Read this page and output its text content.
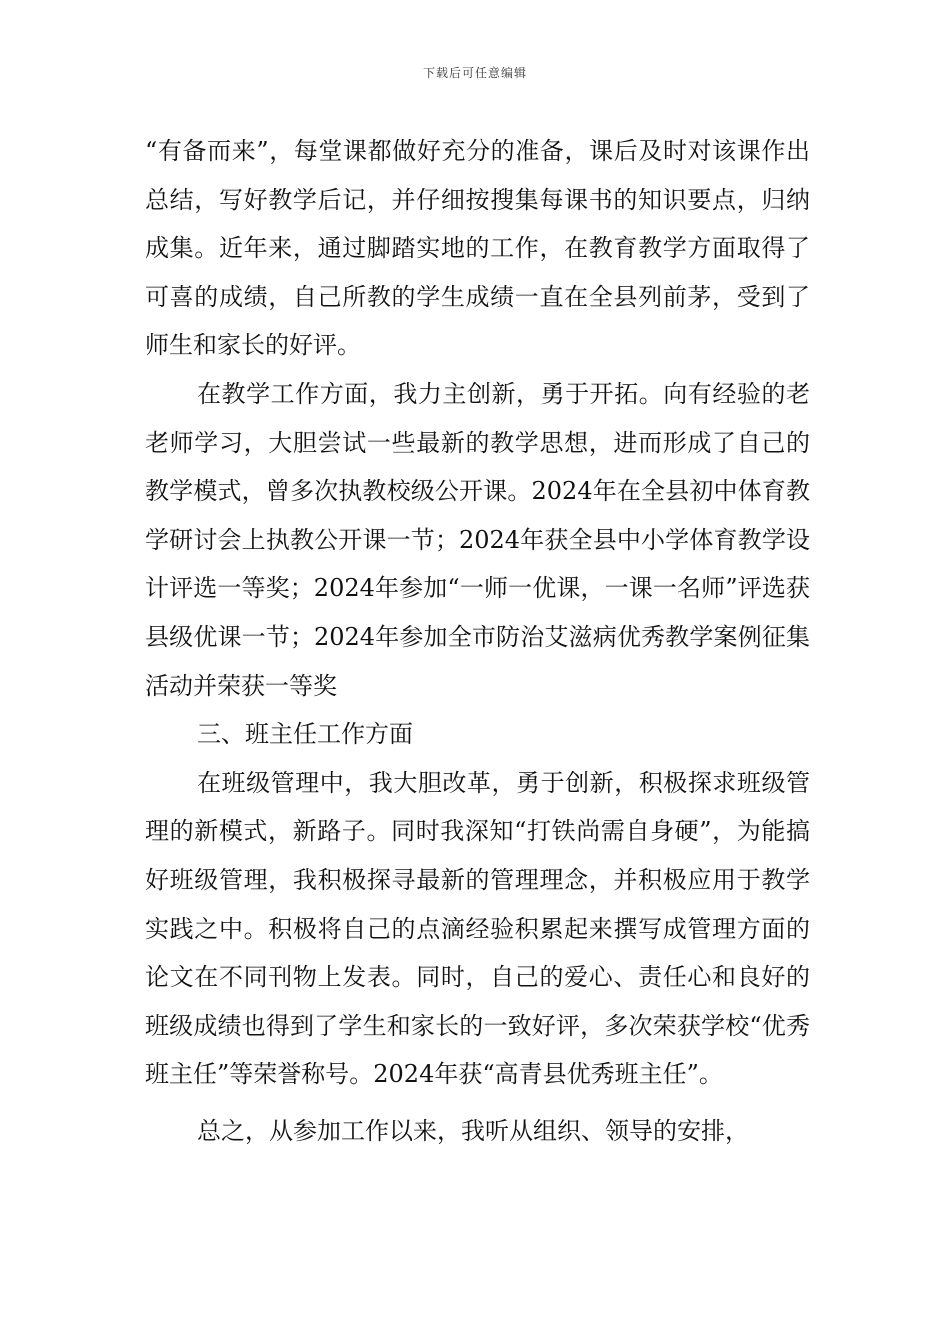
下载后可任意编辑

“有备而来”，每堂课都做好充分的准备，课后及时对该课作出总结，写好教学后记，并仔细按搜集每课书的知识要点，归纳成集。近年来，通过脚踏实地的工作，在教育教学方面取得了可喜的成绩，自己所教的学生成绩一直在全县列前茅，受到了师生和家长的好评。

在教学工作方面，我力主创新，勇于开拓。向有经验的老老师学习，大胆尝试一些最新的教学思想，进而形成了自己的教学模式，曾多次执教校级公开课。2024年在全县初中体育教学研讨会上执教公开课一节；2024年获全县中小学体育教学设计评选一等奖；2024年参加“一师一优课，一课一名师”评选获县级优课一节；2024年参加全市防治艾滋病优秀教学案例征集活动并荣获一等奖

三、班主任工作方面

在班级管理中，我大胆改革，勇于创新，积极探求班级管理的新模式，新路子。同时我深知“打铁尚需自身硬”，为能搞好班级管理，我积极探寻最新的管理理念，并积极应用于教学实践之中。积极将自己的点滴经验积累起来撰写成管理方面的论文在不同刊物上发表。同时，自己的爱心、责任心和良好的班级成绩也得到了学生和家长的一致好评，多次荣获学校“优秀班主任”等荣誉称号。2024年获“高青县优秀班主任”。

总之，从参加工作以来，我听从组织、领导的安排，
